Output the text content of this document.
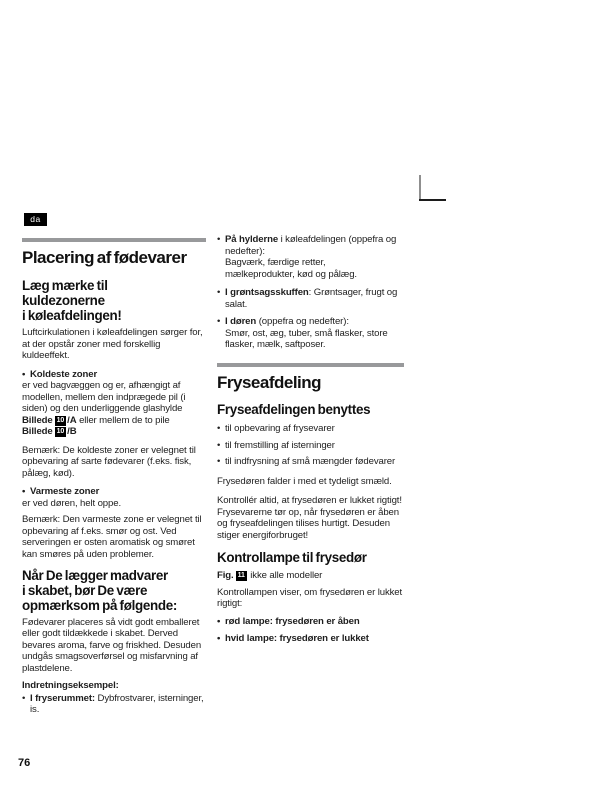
da
Placering af fødevarer
Læg mærke til
kuldezonerne
i køleafdelingen!

Luftcirkulationen i køleafdelingen sørger for, at der opstår zoner med forskellig kuldeeffekt.

• Koldeste zoner

er ved bagvæggen og er, afhængigt af modellen, mellem den indprægede pil (i siden) og den underliggende glashylde

Billede 10 /A eller mellem de to pile
Billede 10 /B

Bemærk: De koldeste zoner er velegnet til opbevaring af sarte fødevarer (f.eks. fisk, pålæg, kød).

• Varmeste zoner

er ved døren, helt oppe.

Bemærk: Den varmeste zone er velegnet til opbevaring af f.eks. smør og ost. Ved serveringen er osten aromatisk og smøret kan smøres på uden problemer.

Når De lægger madvarer
i skabet, bør De være
opmærksom på følgende:

Fødevarer placeres så vidt godt emballeret eller godt tildækkede i skabet. Derved bevares aroma, farve og friskhed. Desuden undgås smagsoverførsel og misfarvning af plastdelene.

Indretningseksempel:

• I fryserummet: Dybfrostvarer, isterninger, is.
• På hylderne i køleafdelingen (oppefra og nedefter):
Bagværk, færdige retter,
mælkeprodukter, kød og pålæg.
• I grøntsagsskuffen: Grøntsager, frugt og salat.
• I døren (oppefra og nedefter):
Smør, ost, æg, tuber, små flasker, store flasker, mælk, saftposer.
Fryseafdeling
Fryseafdelingen benyttes
• til opbevaring af frysevarer
• til fremstilling af isterninger
• til indfrysning af små mængder fødevarer

Frysedøren falder i med et tydeligt smæld.

Kontrollér altid, at frysedøren er lukket rigtigt! Frysevarerne tør op, når frysedøren er åben og fryseafdelingen tilises hurtigt. Desuden stiger energiforbruget!

Kontrollampe til frysedør
Fig. 11 ikke alle modeller

Kontrollampen viser, om frysedøren er lukket rigtigt:

• rød lampe: frysedøren er åben
• hvid lampe: frysedøren er lukket
76
